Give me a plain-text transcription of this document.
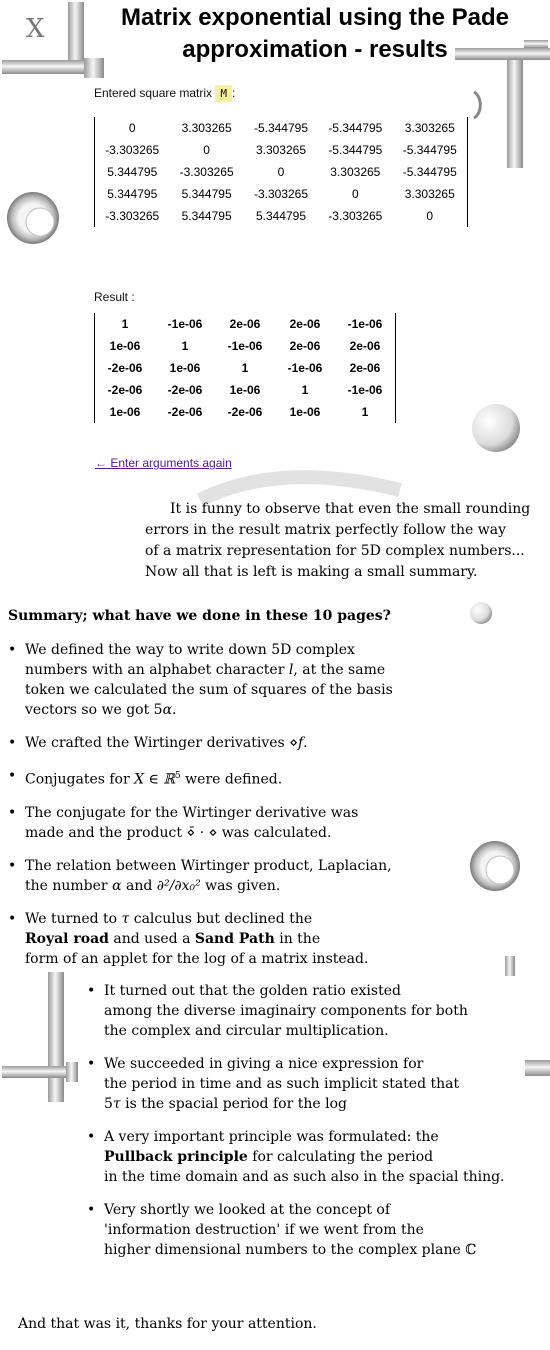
X	Matrix exponential using the Pade
approximation - results
Entered square matrix M :
0	3.303265	-5.344795	-5.344795	3.303265
-3.303265	0	3.303265	-5.344795	-5.344795
5.344795	-3.303265	0	3.303265	-5.344795
5.344795	5.344795	-3.303265	0	3.303265
-3.303265	5.344795	5.344795	-3.303265	0
Result :
1	-1e-06	2e-06	2e-06	-1e-06
1e-06	1	-1e-06	2e-06	2e-06
-2e-06	1e-06	1	-1e-06	2e-06
-2e-06	-2e-06	1e-06	1	-1e-06
1e-06	-2e-06	-2e-06	1e-06	1
← Enter arguments again
It is funny to observe that even the small rounding
errors in the result matrix perfectly follow the way
of a matrix representation for 5D complex numbers...
Now all that is left is making a small summary.
Summary; what have we done in these 10 pages?
• We defined the way to write down 5D complex
numbers with an alphabet character l, at the same
token we calculated the sum of squares of the basis
vectors so we got 5α.
• We crafted the Wirtinger derivatives ⋄f.
• Conjugates for X ∈ ℝ$^5$ were defined.
• The conjugate for the Wirtinger derivative was
made and the product ⋄̄ · ⋄ was calculated.
• The relation between Wirtinger product, Laplacian,
the number α and ∂²/∂x₀² was given.
• We turned to τ calculus but declined the
Royal road and used a Sand Path in the
form of an applet for the log of a matrix instead.
• It turned out that the golden ratio existed
among the diverse imaginairy components for both
the complex and circular multiplication.
• We succeeded in giving a nice expression for
the period in time and as such implicit stated that
5τ is the spacial period for the log
• A very important principle was formulated: the
Pullback principle for calculating the period
in the time domain and as such also in the spacial thing.
• Very shortly we looked at the concept of
'information destruction' if we went from the
higher dimensional numbers to the complex plane ℂ
And that was it, thanks for your attention.
